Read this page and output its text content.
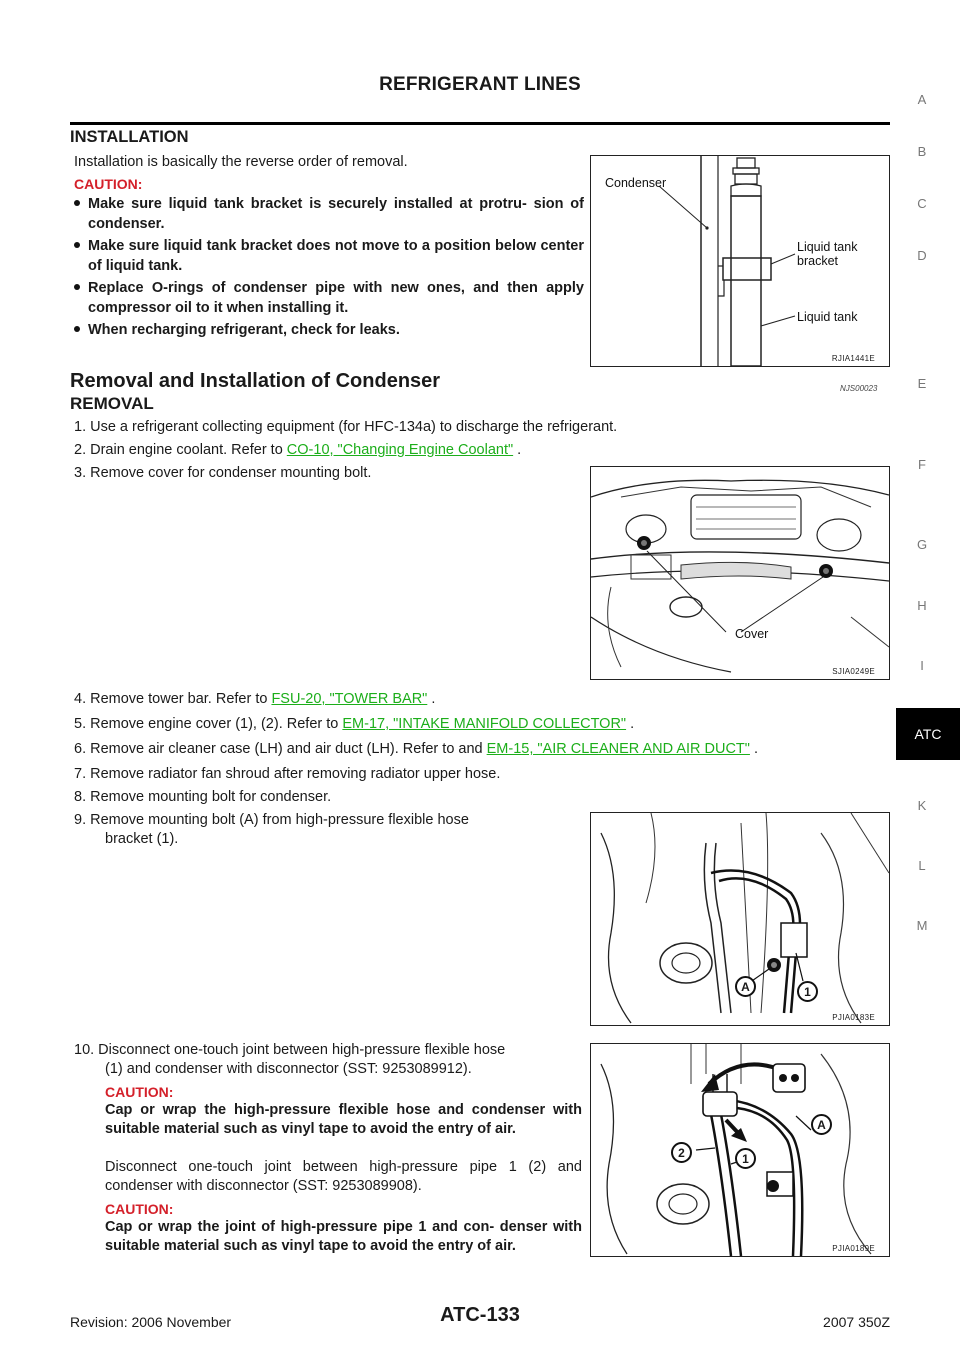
REFRIGERANT LINES
INSTALLATION
Installation is basically the reverse order of removal.
CAUTION:
Make sure liquid tank bracket is securely installed at protru- sion of condenser.
Make sure liquid tank bracket does not move to a position below center of liquid tank.
Replace O-rings of condenser pipe with new ones, and then apply compressor oil to it when installing it.
When recharging refrigerant, check for leaks.
Condenser
Liquid tank
bracket
Liquid tank
RJIA1441E
Removal and Installation of Condenser	NJS00023
REMOVAL
1. Use a refrigerant collecting equipment (for HFC-134a) to discharge the refrigerant.
2. Drain engine coolant. Refer to CO-10, "Changing Engine Coolant" .
3. Remove cover for condenser mounting bolt.
Cover
SJIA0249E
4. Remove tower bar. Refer to FSU-20, "TOWER BAR" .
5. Remove engine cover (1), (2). Refer to EM-17, "INTAKE MANIFOLD COLLECTOR" .
6. Remove air cleaner case (LH) and air duct (LH). Refer to and EM-15, "AIR CLEANER AND AIR DUCT" .
7. Remove radiator fan shroud after removing radiator upper hose.
8. Remove mounting bolt for condenser.
9. Remove mounting bolt (A) from high-pressure flexible hose
bracket (1).
A	1
PJIA0183E
10. Disconnect one-touch joint between high-pressure flexible hose
(1) and condenser with disconnector (SST: 9253089912).
CAUTION:
Cap or wrap the high-pressure flexible hose and condenser with suitable material such as vinyl tape to avoid the entry of air.
Disconnect one-touch joint between high-pressure pipe 1 (2) and condenser with disconnector (SST: 9253089908).
CAUTION:
Cap or wrap the joint of high-pressure pipe 1 and con- denser with suitable material such as vinyl tape to avoid the entry of air.
A
2	1
PJIA0189E
A
B
C
D
E
F
G
H
I
ATC
K
L
M
ATC-133
Revision: 2006 November	2007 350Z
